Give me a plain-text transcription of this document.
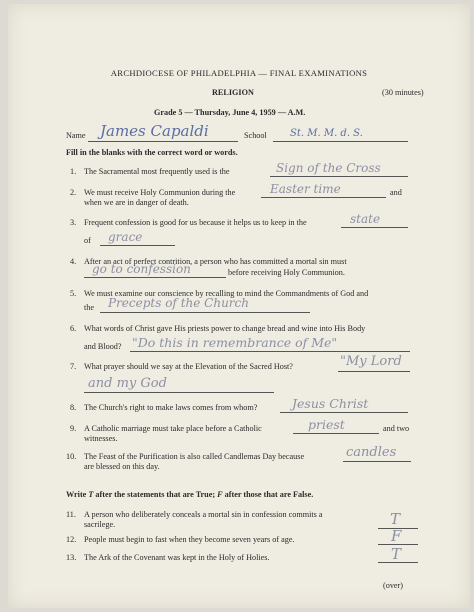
ARCHDIOCESE OF PHILADELPHIA — FINAL EXAMINATIONS
RELIGION	(30 minutes)
Grade 5 — Thursday, June 4, 1959 — A.M.
Name James Capaldi	School St. M. M. d. S.
Fill in the blanks with the correct word or words.
1. The Sacramental most frequently used is the	Sign of the Cross
2. We must receive Holy Communion during the	Easter time	and
when we are in danger of death.
3. Frequent confession is good for us because it helps us to keep in the	state
of grace
4. After an act of perfect contrition, a person who has committed a mortal sin must
go to confession	before receiving Holy Communion.
5. We must examine our conscience by recalling to mind the Commandments of God and
the Precepts of the Church
6. What words of Christ gave His priests power to change bread and wine into His Body
and Blood? "Do this in remembrance of Me"
7. What prayer should we say at the Elevation of the Sacred Host?	"My Lord
and my God
8. The Church's right to make laws comes from whom?	Jesus Christ
9. A Catholic marriage must take place before a Catholic	priest	and two
witnesses.
10. The Feast of the Purification is also called Candlemas Day because	candles
are blessed on this day.
Write T after the statements that are True; F after those that are False.
11. A person who deliberately conceals a mortal sin in confession commits a
sacrilege.	T
12. People must begin to fast when they become seven years of age.	F
13. The Ark of the Covenant was kept in the Holy of Holies.	T
(over)
